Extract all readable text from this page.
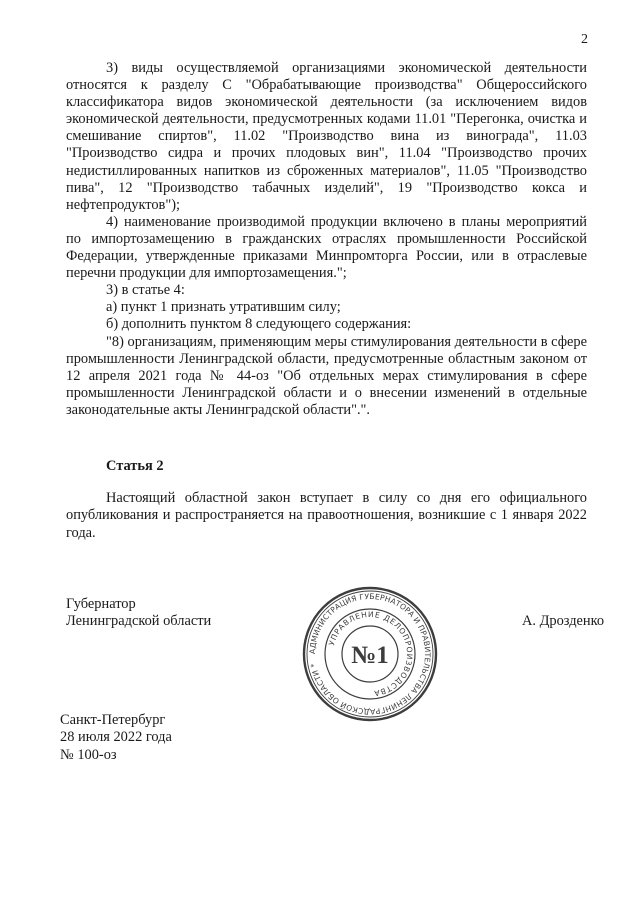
2

3) виды осуществляемой организациями экономической деятельности относятся к разделу С "Обрабатывающие производства" Общероссийского классификатора видов экономической деятельности (за исключением видов экономической деятельности, предусмотренных кодами 11.01 "Перегонка, очистка и смешивание спиртов", 11.02 "Производство вина из винограда", 11.03 "Производство сидра и прочих плодовых вин", 11.04 "Производство прочих недистиллированных напитков из сброженных материалов", 11.05 "Производство пива", 12 "Производство табачных изделий", 19 "Производство кокса и нефтепродуктов");

4) наименование производимой продукции включено в планы мероприятий по импортозамещению в гражданских отраслях промышленности Российской Федерации, утвержденные приказами Минпромторга России, или в отраслевые перечни продукции для импортозамещения.";

3) в статье 4:

а) пункт 1 признать утратившим силу;

б) дополнить пунктом 8 следующего содержания:

"8) организациям, применяющим меры стимулирования деятельности в сфере промышленности Ленинградской области, предусмотренные областным законом от 12 апреля 2021 года № 44-оз "Об отдельных мерах стимулирования в сфере промышленности Ленинградской области и о внесении изменений в отдельные законодательные акты Ленинградской области".".

Статья 2

Настоящий областной закон вступает в силу со дня его официального опубликования и распространяется на правоотношения, возникшие с 1 января 2022 года.

Губернатор
Ленинградской области	А. Дрозденко
АДМИНИСТРАЦИЯ ГУБЕРНАТОРА И ПРАВИТЕЛЬСТВА ЛЕНИНГРАДСКОЙ ОБЛАСТИ *
УПРАВЛЕНИЕ ДЕЛОПРОИЗВОДСТВА
№1
Санкт-Петербург
28 июля 2022 года
№ 100-оз
